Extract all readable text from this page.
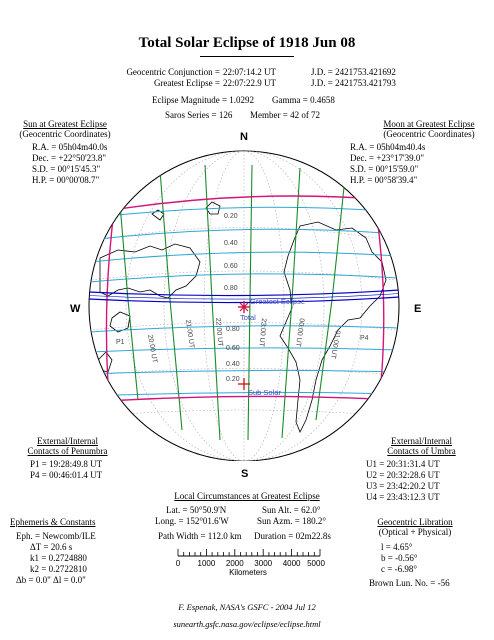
Total Solar Eclipse of 1918 Jun 08
Geocentric Conjunction = 22:07:14.2 UT	J.D. = 2421753.421692
Greatest Eclipse = 22:07:22.9 UT	J.D. = 2421753.421793
Eclipse Magnitude = 1.0292 Gamma = 0.4658
Saros Series = 126 Member = 42 of 72
Sun at Greatest Eclipse
(Geocentric Coordinates)
R.A. = 05h04m40.0s
Dec. = +22°50'23.8"
S.D. = 00°15'45.3"
H.P. = 00°00'08.7"
Moon at Greatest Eclipse
(Geocentric Coordinates)
R.A. = 05h04m40.4s
Dec. = +23°17'39.0"
S.D. = 00°15'59.0"
H.P. = 00°58'39.4"
N
S
W	E
Greatest Eclipse
Total
Sub Solar
0.20
0.40
0.60
0.80
0.80
0.60
0.40
0.20
20:00 UT
21:00 UT	22:00 UT	23:00 UT	00:00 UT	01:00 UT
P1
P4
External/Internal
Contacts of Penumbra
P1 = 19:28:49.8 UT
P4 = 00:46:01.4 UT
External/Internal
Contacts of Umbra
U1 = 20:31:31.4 UT
U2 = 20:32:28.6 UT
U3 = 23:42:20.2 UT
U4 = 23:43:12.3 UT
Local Circumstances at Greatest Eclipse
Lat. = 50°50.9'N	Sun Alt. = 62.0°
Long. = 152°01.6'W	Sun Azm. = 180.2°
Path Width = 112.0 km Duration = 02m22.8s
Ephemeris & Constants
Eph. = Newcomb/ILE
ΔT = 20.6 s
k1 = 0.2724880
k2 = 0.2722810
Δb = 0.0" Δl = 0.0"
Geocentric Libration
(Optical + Physical)
l = 4.65°
b = -0.56°
c = -6.98°
Brown Lun. No. = -56
0 1000 2000 3000 4000 5000
Kilometers
F. Espenak, NASA's GSFC - 2004 Jul 12
sunearth.gsfc.nasa.gov/eclipse/eclipse.html
